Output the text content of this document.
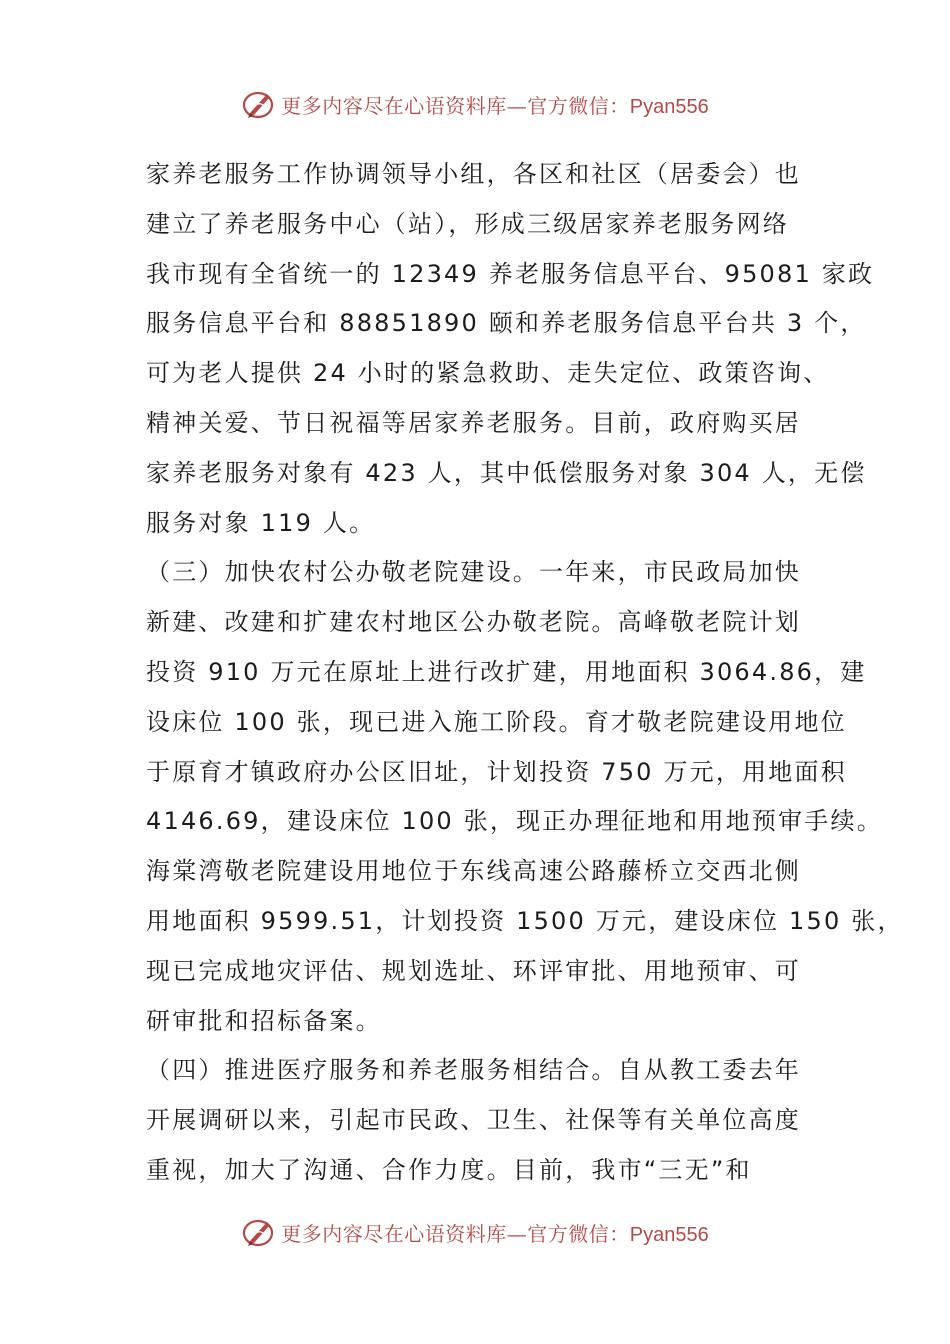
更多内容尽在心语资料库—官方微信：Pyan556
家养老服务工作协调领导小组，各区和社区（居委会）也
建立了养老服务中心（站），形成三级居家养老服务网络
我市现有全省统一的 12349 养老服务信息平台、95081 家政
服务信息平台和 88851890 颐和养老服务信息平台共 3 个，
可为老人提供 24 小时的紧急救助、走失定位、政策咨询、
精神关爱、节日祝福等居家养老服务。目前，政府购买居
家养老服务对象有 423 人，其中低偿服务对象 304 人，无偿
服务对象 119 人。
（三）加快农村公办敬老院建设。一年来，市民政局加快
新建、改建和扩建农村地区公办敬老院。高峰敬老院计划
投资 910 万元在原址上进行改扩建，用地面积 3064.86，建
设床位 100 张，现已进入施工阶段。育才敬老院建设用地位
于原育才镇政府办公区旧址，计划投资 750 万元，用地面积
4146.69，建设床位 100 张，现正办理征地和用地预审手续。
海棠湾敬老院建设用地位于东线高速公路藤桥立交西北侧
用地面积 9599.51，计划投资 1500 万元，建设床位 150 张，
现已完成地灾评估、规划选址、环评审批、用地预审、可
研审批和招标备案。
（四）推进医疗服务和养老服务相结合。自从教工委去年
开展调研以来，引起市民政、卫生、社保等有关单位高度
重视，加大了沟通、合作力度。目前，我市“三无”和
更多内容尽在心语资料库—官方微信：Pyan556
